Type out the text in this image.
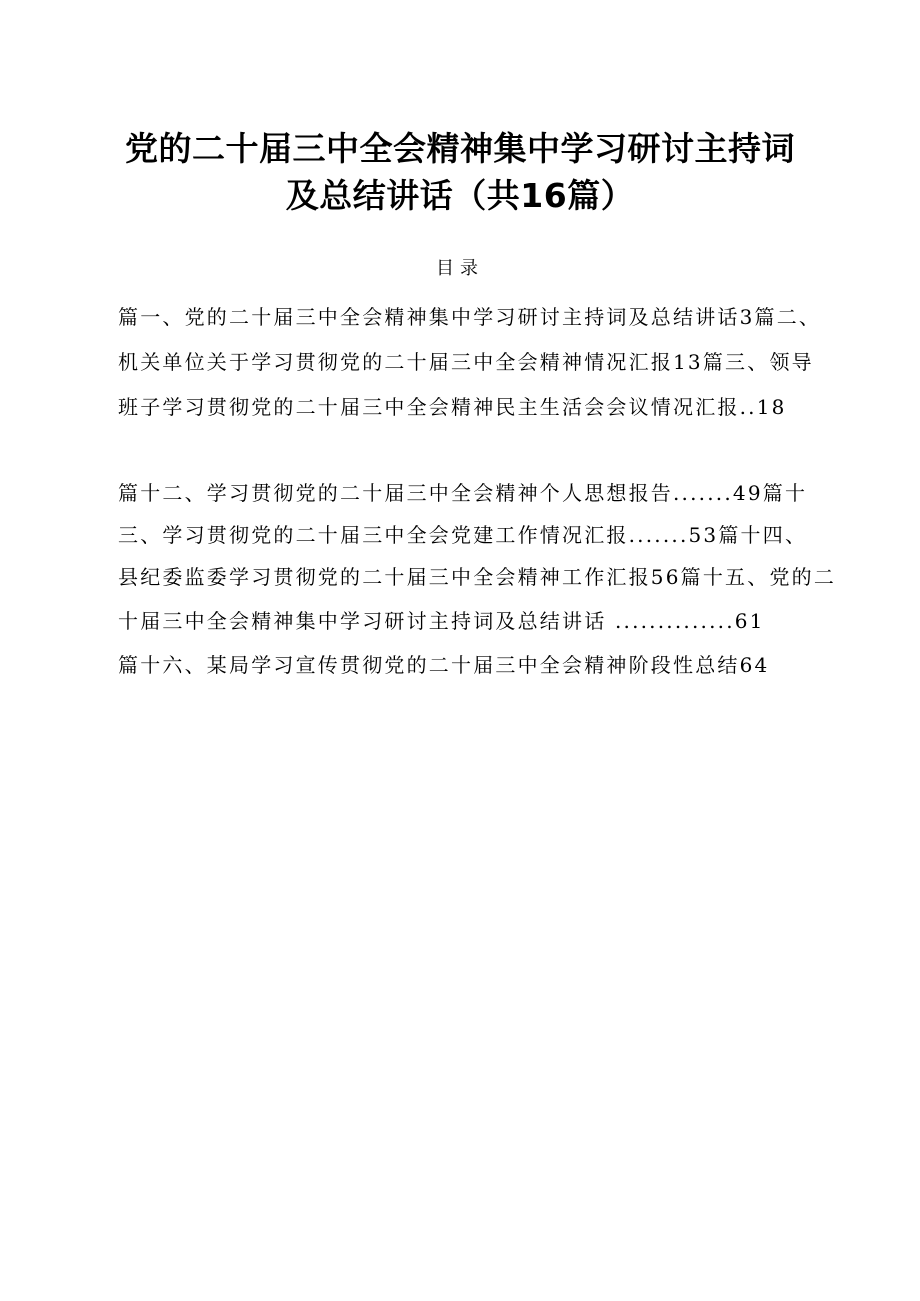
党的二十届三中全会精神集中学习研讨主持词
及总结讲话（共16篇）
目录
篇一、党的二十届三中全会精神集中学习研讨主持词及总结讲话3篇二、
机关单位关于学习贯彻党的二十届三中全会精神情况汇报13篇三、领导
班子学习贯彻党的二十届三中全会精神民主生活会会议情况汇报..18
篇十二、学习贯彻党的二十届三中全会精神个人思想报告.......49篇十
三、学习贯彻党的二十届三中全会党建工作情况汇报.......53篇十四、
县纪委监委学习贯彻党的二十届三中全会精神工作汇报56篇十五、党的二
十届三中全会精神集中学习研讨主持词及总结讲话 ..............61
篇十六、某局学习宣传贯彻党的二十届三中全会精神阶段性总结64
